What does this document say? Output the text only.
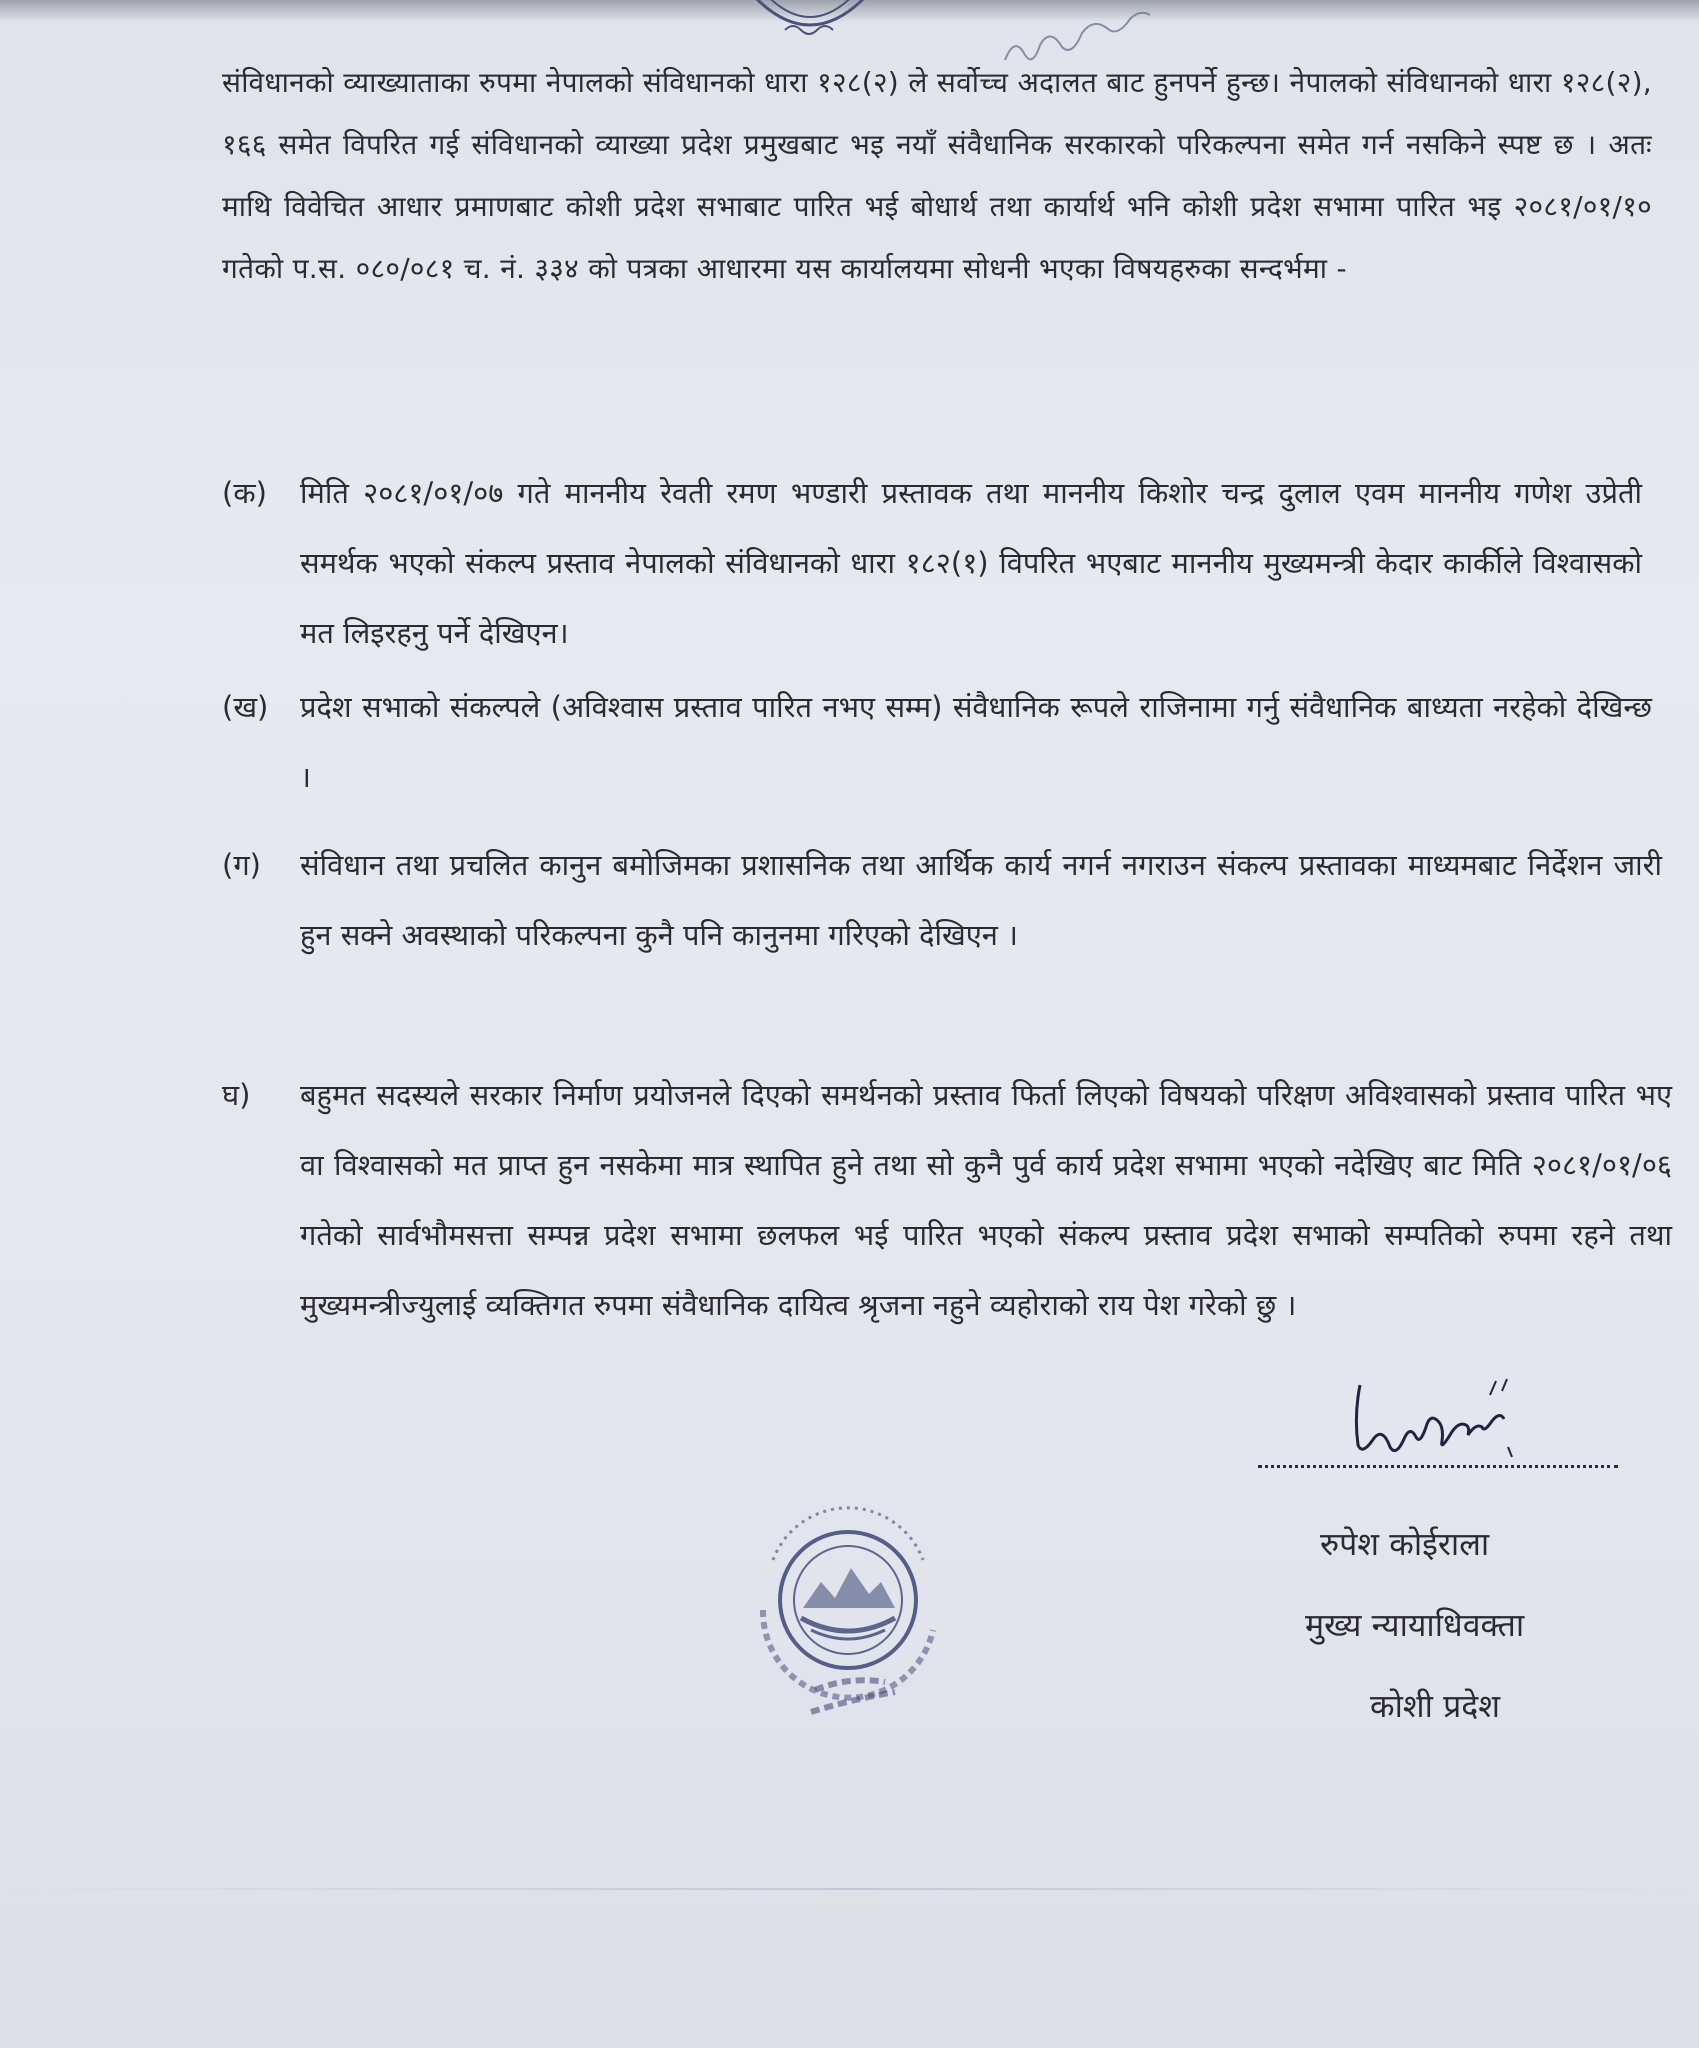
संविधानको व्याख्याताका रुपमा नेपालको संविधानको धारा १२८(२) ले सर्वोच्च अदालत बाट हुनपर्ने हुन्छ। नेपालको संविधानको धारा १२८(२), १६६ समेत विपरित गई संविधानको व्याख्या प्रदेश प्रमुखबाट भइ नयाँ संवैधानिक सरकारको परिकल्पना समेत गर्न नसकिने स्पष्ट छ । अतः माथि विवेचित आधार प्रमाणबाट कोशी प्रदेश सभाबाट पारित भई बोधार्थ तथा कार्यार्थ भनि कोशी प्रदेश सभामा पारित भइ २०८१/०१/१० गतेको प.स. ०८०/०८१ च. नं. ३३४ को पत्रका आधारमा यस कार्यालयमा सोधनी भएका विषयहरुका सन्दर्भमा -
(क) मिति २०८१/०१/०७ गते माननीय रेवती रमण भण्डारी प्रस्तावक तथा माननीय किशोर चन्द्र दुलाल एवम माननीय गणेश उप्रेती समर्थक भएको संकल्प प्रस्ताव नेपालको संविधानको धारा १८२(१) विपरित भएबाट माननीय मुख्यमन्त्री केदार कार्कीले विश्वासको मत लिइरहनु पर्ने देखिएन।
(ख) प्रदेश सभाको संकल्पले (अविश्वास प्रस्ताव पारित नभए सम्म) संवैधानिक रूपले राजिनामा गर्नु संवैधानिक बाध्यता नरहेको देखिन्छ ।
(ग) संविधान तथा प्रचलित कानुन बमोजिमका प्रशासनिक तथा आर्थिक कार्य नगर्न नगराउन संकल्प प्रस्तावका माध्यमबाट निर्देशन जारी हुन सक्ने अवस्थाको परिकल्पना कुनै पनि कानुनमा गरिएको देखिएन ।
घ) बहुमत सदस्यले सरकार निर्माण प्रयोजनले दिएको समर्थनको प्रस्ताव फिर्ता लिएको विषयको परिक्षण अविश्वासको प्रस्ताव पारित भए वा विश्वासको मत प्राप्त हुन नसकेमा मात्र स्थापित हुने तथा सो कुनै पुर्व कार्य प्रदेश सभामा भएको नदेखिए बाट मिति २०८१/०१/०६ गतेको सार्वभौमसत्ता सम्पन्न प्रदेश सभामा छलफल भई पारित भएको संकल्प प्रस्ताव प्रदेश सभाको सम्पतिको रुपमा रहने तथा मुख्यमन्त्रीज्युलाई व्यक्तिगत रुपमा संवैधानिक दायित्व श्रृजना नहुने व्यहोराको राय पेश गरेको छु ।
रुपेश कोईराला
मुख्य न्यायाधिवक्ता
कोशी प्रदेश
